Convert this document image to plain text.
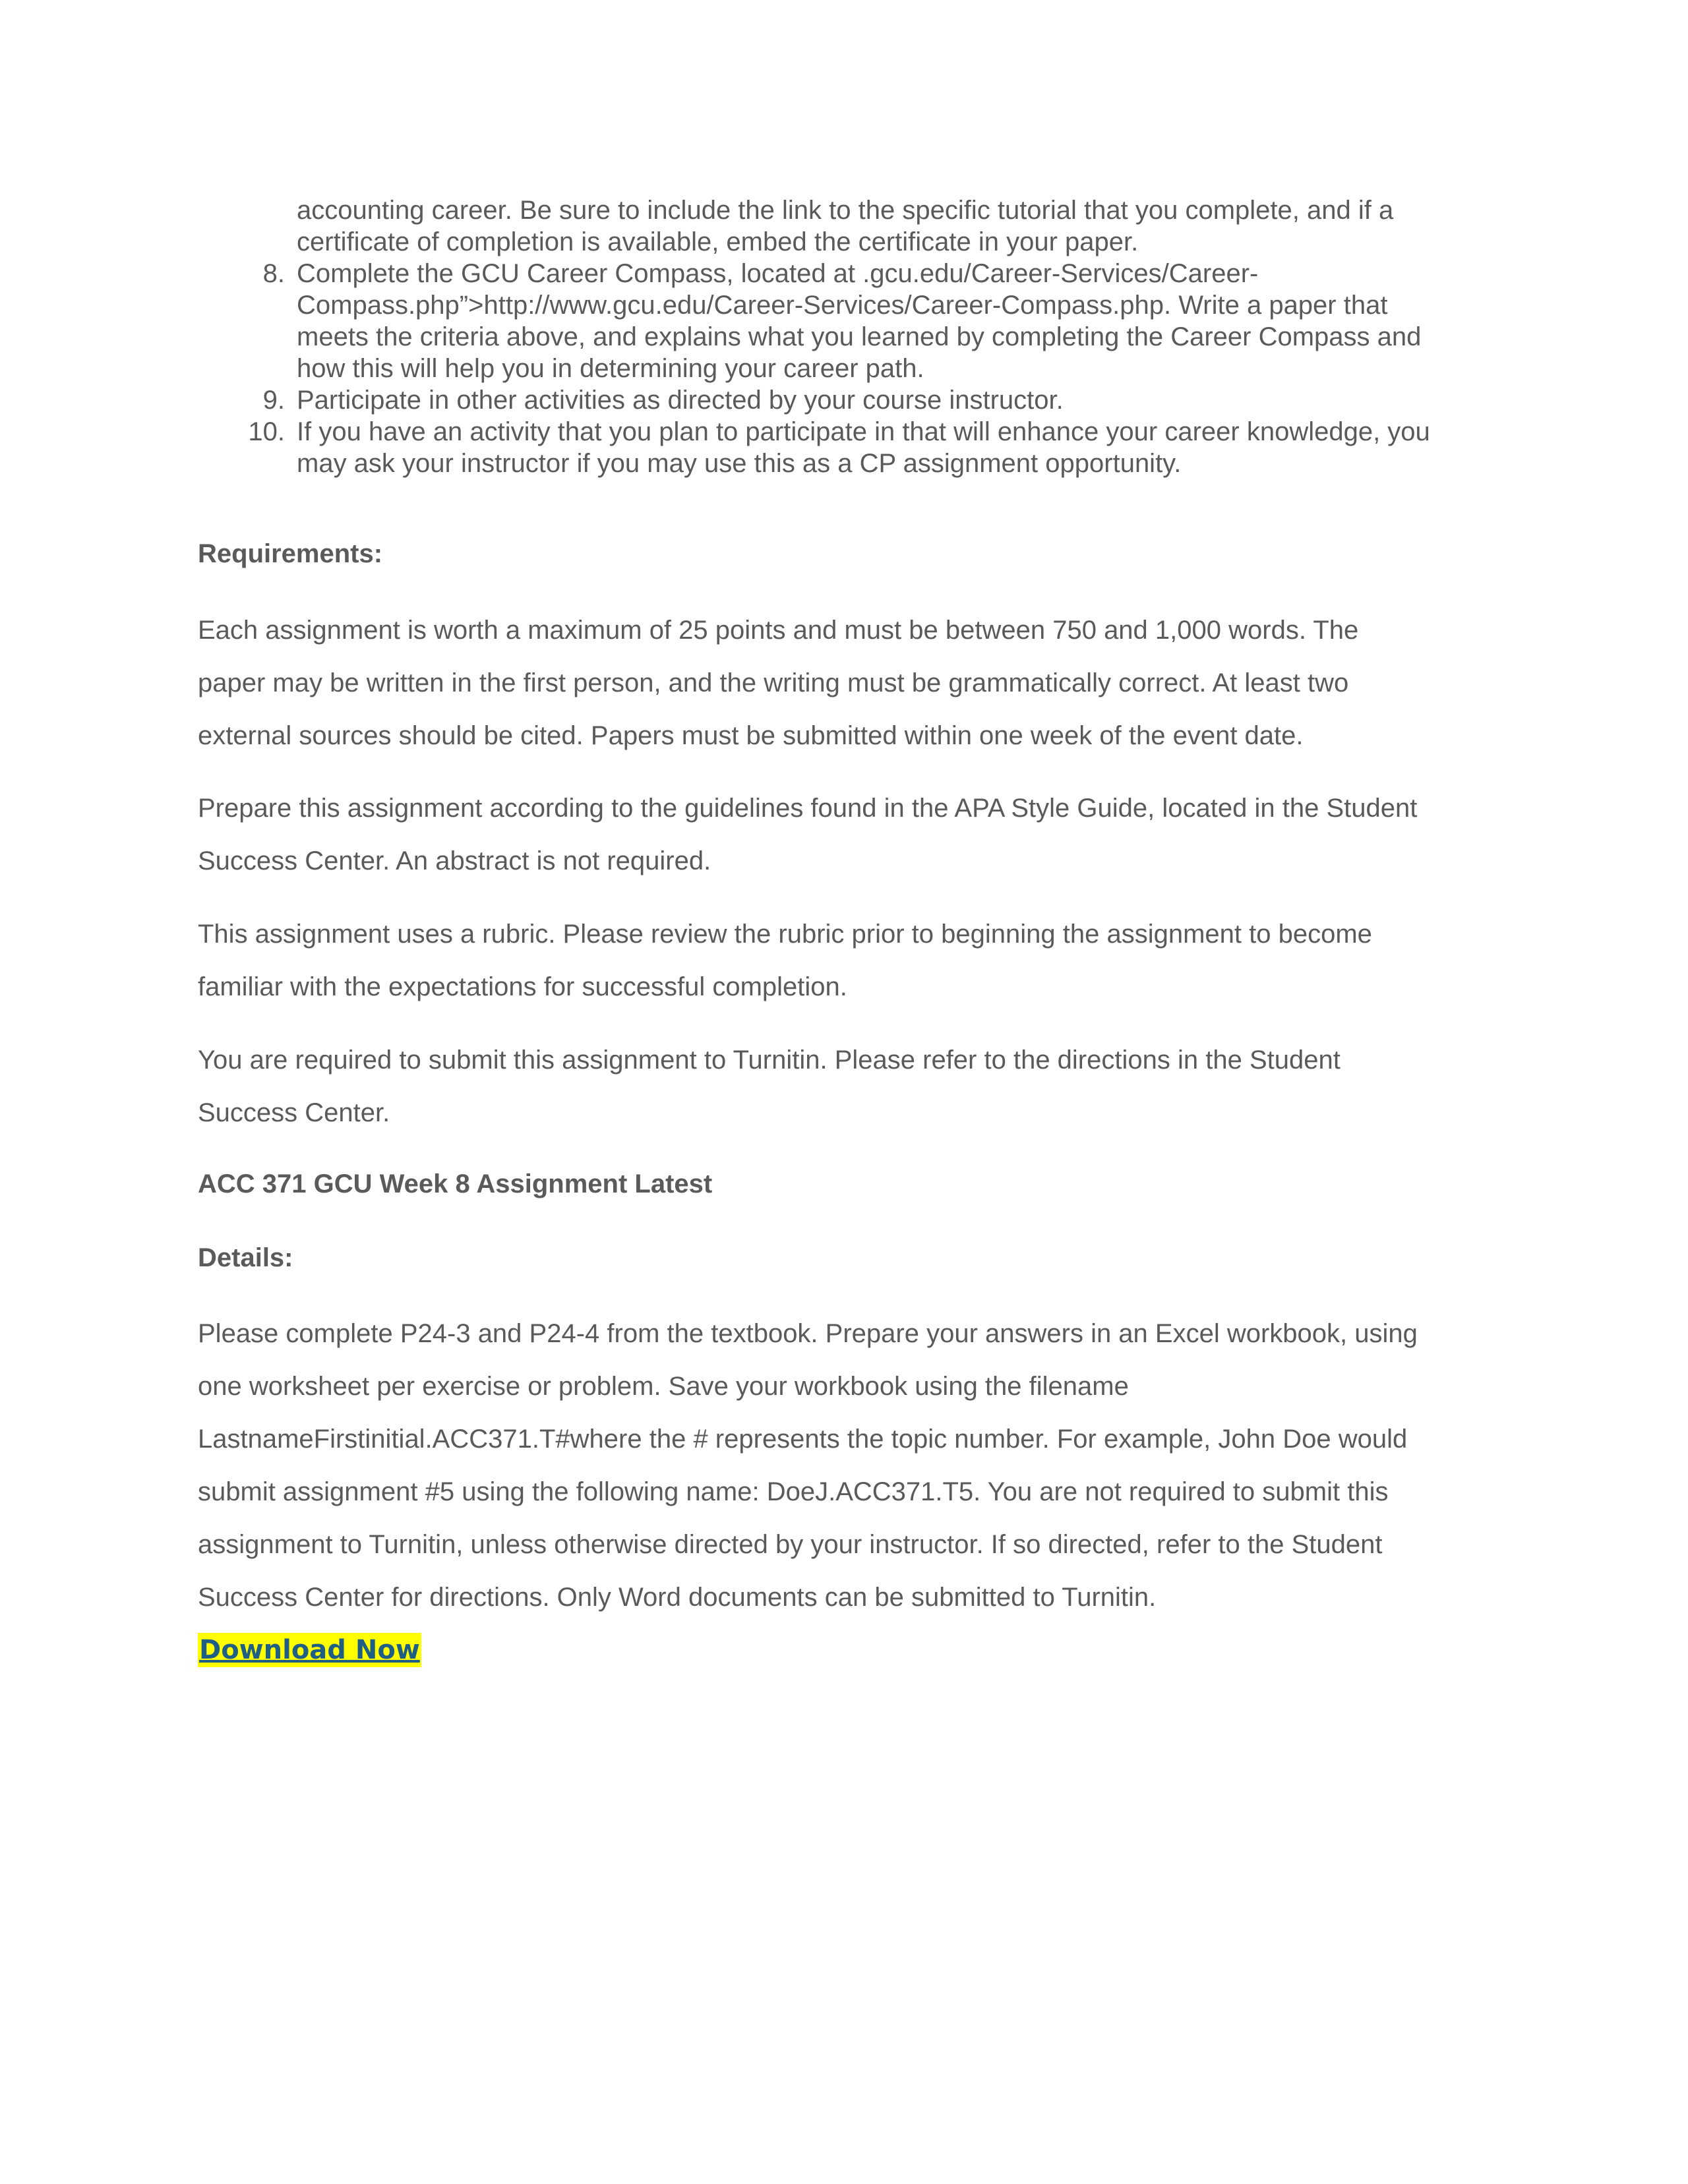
accounting career. Be sure to include the link to the specific tutorial that you complete, and if a
certificate of completion is available, embed the certificate in your paper.
8. Complete the GCU Career Compass, located at .gcu.edu/Career-Services/Career-
Compass.php”>http://www.gcu.edu/Career-Services/Career-Compass.php. Write a paper that
meets the criteria above, and explains what you learned by completing the Career Compass and
how this will help you in determining your career path.
9. Participate in other activities as directed by your course instructor.
10. If you have an activity that you plan to participate in that will enhance your career knowledge, you
may ask your instructor if you may use this as a CP assignment opportunity.
Requirements:
Each assignment is worth a maximum of 25 points and must be between 750 and 1,000 words. The
paper may be written in the first person, and the writing must be grammatically correct. At least two
external sources should be cited. Papers must be submitted within one week of the event date.
Prepare this assignment according to the guidelines found in the APA Style Guide, located in the Student
Success Center. An abstract is not required.
This assignment uses a rubric. Please review the rubric prior to beginning the assignment to become
familiar with the expectations for successful completion.
You are required to submit this assignment to Turnitin. Please refer to the directions in the Student
Success Center.
ACC 371 GCU Week 8 Assignment Latest
Details:
Please complete P24-3 and P24-4 from the textbook. Prepare your answers in an Excel workbook, using
one worksheet per exercise or problem. Save your workbook using the filename
LastnameFirstinitial.ACC371.T#where the # represents the topic number. For example, John Doe would
submit assignment #5 using the following name: DoeJ.ACC371.T5. You are not required to submit this
assignment to Turnitin, unless otherwise directed by your instructor. If so directed, refer to the Student
Success Center for directions. Only Word documents can be submitted to Turnitin.
Download Now
